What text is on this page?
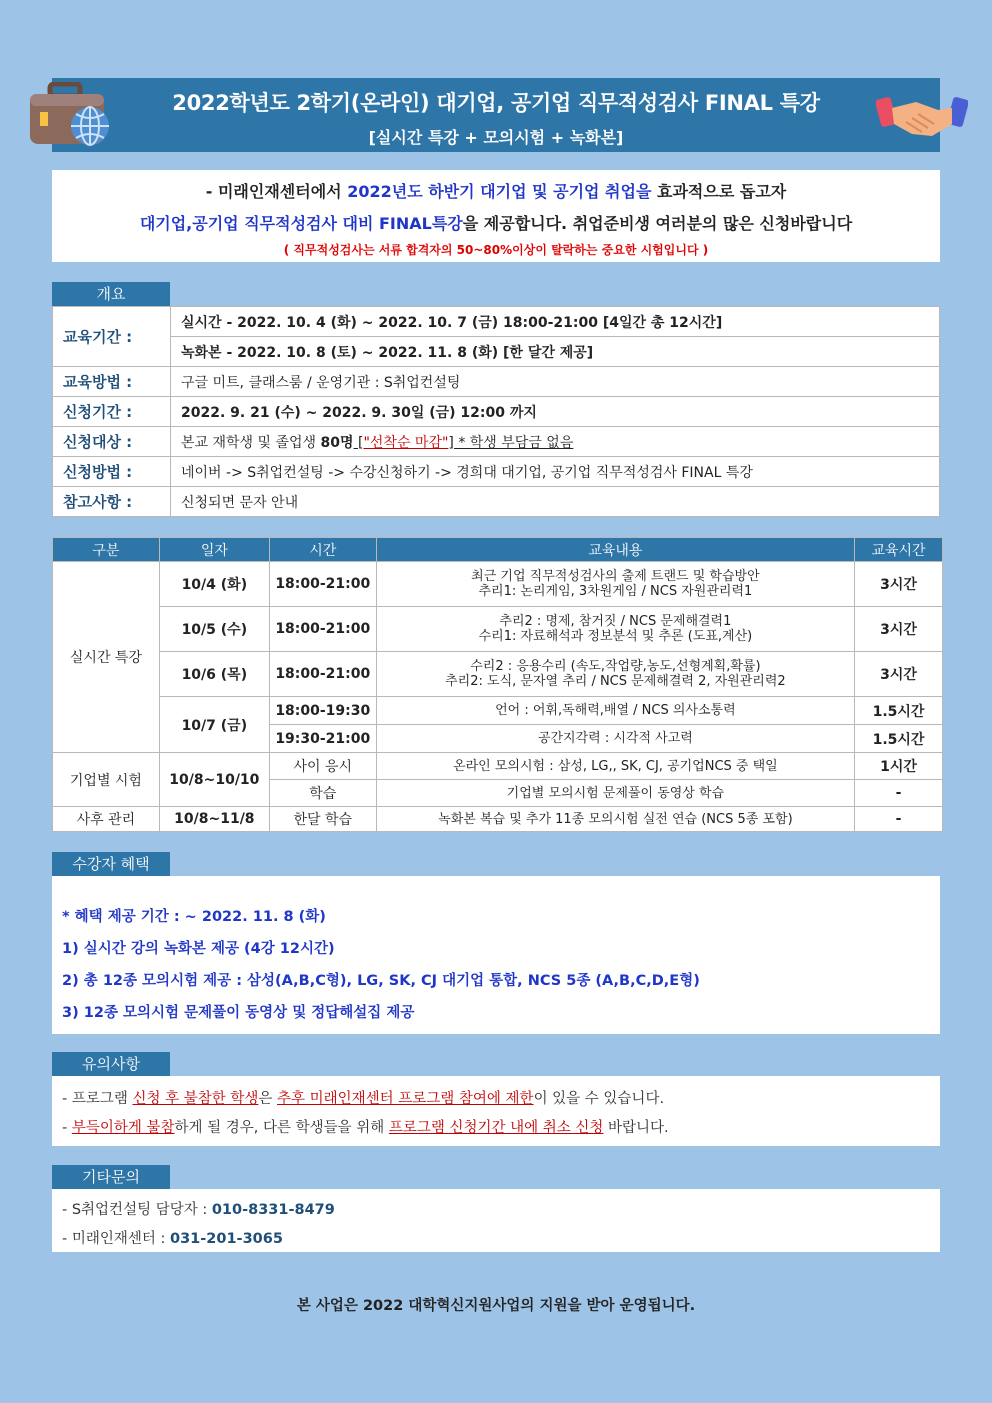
2022학년도 2학기(온라인) 대기업, 공기업 직무적성검사 FINAL 특강
[실시간 특강 + 모의시험 + 녹화본]
- 미래인재센터에서 2022년도 하반기 대기업 및 공기업 취업을 효과적으로 돕고자
대기업,공기업 직무적성검사 대비 FINAL특강을 제공합니다. 취업준비생 여러분의 많은 신청바랍니다
( 직무적성검사는 서류 합격자의 50~80%이상이 탈락하는 중요한 시험입니다 )
개요
교육기간 :	실시간 - 2022. 10. 4 (화) ~ 2022. 10. 7 (금) 18:00-21:00 [4일간 총 12시간]
	녹화본 - 2022. 10. 8 (토) ~ 2022. 11. 8 (화) [한 달간 제공]
교육방법 :	구글 미트, 클래스룸 / 운영기관 : S취업컨설팅
신청기간 :	2022. 9. 21 (수) ~ 2022. 9. 30일 (금) 12:00 까지
신청대상 :	본교 재학생 및 졸업생 80명 ["선착순 마감"] * 학생 부담금 없음
신청방법 :	네이버 -> S취업컨설팅 -> 수강신청하기 -> 경희대 대기업, 공기업 직무적성검사 FINAL 특강
참고사항 :	신청되면 문자 안내
구분	일자	시간	교육내용	교육시간
실시간 특강	10/4 (화)	18:00-21:00	최근 기업 직무적성검사의 출제 트랜드 및 학습방안
추리1: 논리게임, 3차원게임 / NCS 자원관리력1	3시간
	10/5 (수)	18:00-21:00	추리2 : 명제, 참거짓 / NCS 문제해결력1
수리1: 자료해석과 정보분석 및 추론 (도표,계산)	3시간
	10/6 (목)	18:00-21:00	수리2 : 응용수리 (속도,작업량,농도,선형계획,확률)
추리2: 도식, 문자열 추리 / NCS 문제해결력 2, 자원관리력2	3시간
	10/7 (금)	18:00-19:30	언어 : 어휘,독해력,배열 / NCS 의사소통력	1.5시간
		19:30-21:00	공간지각력 : 시각적 사고력	1.5시간
기업별 시험	10/8~10/10	사이 응시	온라인 모의시험 : 삼성, LG,, SK, CJ, 공기업NCS 중 택일	1시간
		학습	기업별 모의시험 문제풀이 동영상 학습	-
사후 관리	10/8~11/8	한달 학습	녹화본 복습 및 추가 11종 모의시험 실전 연습 (NCS 5종 포함)	-
수강자 혜택
* 혜택 제공 기간 : ~ 2022. 11. 8 (화)
1) 실시간 강의 녹화본 제공 (4강 12시간)
2) 총 12종 모의시험 제공 : 삼성(A,B,C형), LG, SK, CJ 대기업 통합, NCS 5종 (A,B,C,D,E형)
3) 12종 모의시험 문제풀이 동영상 및 정답해설집 제공
유의사항
- 프로그램 신청 후 불참한 학생은 추후 미래인재센터 프로그램 참여에 제한이 있을 수 있습니다.
- 부득이하게 불참하게 될 경우, 다른 학생들을 위해 프로그램 신청기간 내에 취소 신청 바랍니다.
기타문의
- S취업컨설팅 담당자 : 010-8331-8479
- 미래인재센터 : 031-201-3065
본 사업은 2022 대학혁신지원사업의 지원을 받아 운영됩니다.
